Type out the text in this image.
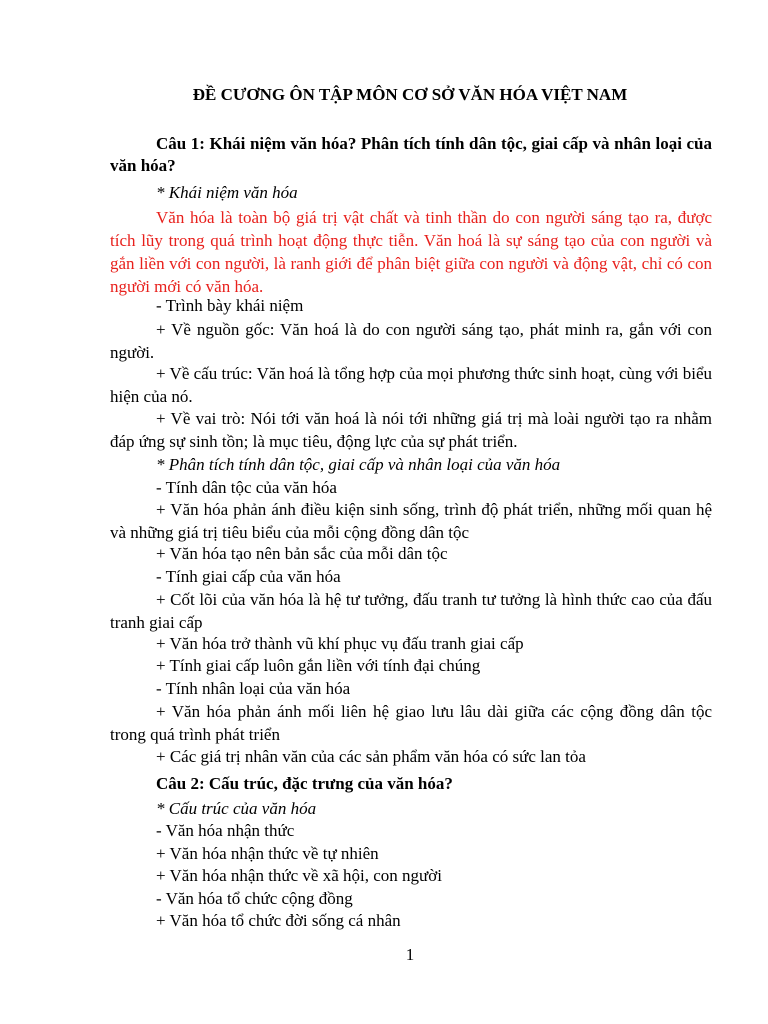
ĐỀ CƯƠNG ÔN TẬP MÔN CƠ SỞ VĂN HÓA VIỆT NAM
Câu 1: Khái niệm văn hóa? Phân tích tính dân tộc, giai cấp và nhân loại của văn hóa?
* Khái niệm văn hóa
Văn hóa là toàn bộ giá trị vật chất và tinh thần do con người sáng tạo ra, được tích lũy trong quá trình hoạt động thực tiễn. Văn hoá là sự sáng tạo của con người và gắn liền với con người, là ranh giới để phân biệt giữa con người và động vật, chỉ có con người mới có văn hóa.
- Trình bày khái niệm
+ Về nguồn gốc: Văn hoá là do con người sáng tạo, phát minh ra, gắn với con người.
+ Về cấu trúc: Văn hoá là tổng hợp của mọi phương thức sinh hoạt, cùng với biểu hiện của nó.
+ Về vai trò: Nói tới văn hoá là nói tới những giá trị mà loài người tạo ra nhằm đáp ứng sự sinh tồn; là mục tiêu, động lực của sự phát triển.
* Phân tích tính dân tộc, giai cấp và nhân loại của văn hóa
- Tính dân tộc của văn hóa
+ Văn hóa phản ánh điều kiện sinh sống, trình độ phát triển, những mối quan hệ và những giá trị tiêu biểu của mỗi cộng đồng dân tộc
+ Văn hóa tạo nên bản sắc của mỗi dân tộc
- Tính giai cấp của văn hóa
+ Cốt lõi của văn hóa là hệ tư tưởng, đấu tranh tư tưởng là hình thức cao của đấu tranh giai cấp
+ Văn hóa trở thành vũ khí phục vụ đấu tranh giai cấp
+ Tính giai cấp luôn gắn liền với tính đại chúng
- Tính nhân loại của văn hóa
+ Văn hóa phản ánh mối liên hệ giao lưu lâu dài giữa các cộng đồng dân tộc trong quá trình phát triển
+ Các giá trị nhân văn của các sản phẩm văn hóa có sức lan tỏa
Câu 2: Cấu trúc, đặc trưng của văn hóa?
* Cấu trúc của văn hóa
- Văn hóa nhận thức
+ Văn hóa nhận thức về tự nhiên
+ Văn hóa nhận thức về xã hội, con người
- Văn hóa tổ chức cộng đồng
+ Văn hóa tổ chức đời sống cá nhân
1
